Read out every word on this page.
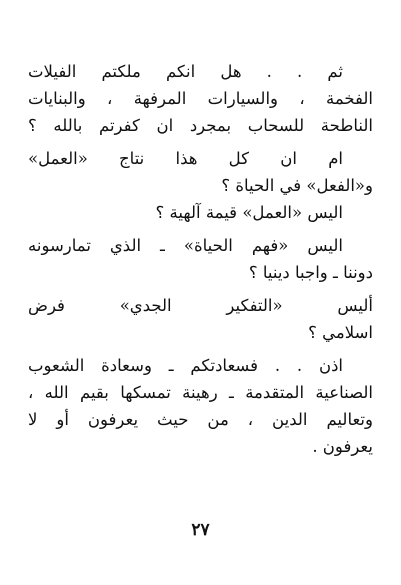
ثم . . هل انكم ملكتم الفيلات
الفخمة ، والسيارات المرفهة ، والبنايات
الناطحة للسحاب بمجرد ان كفرتم بالله ؟
ام ان كل هذا نتاج «العمل»
و«الفعل» في الحياة ؟
اليس «العمل» قيمة آلهية ؟
اليس «فهم الحياة» ـ الذي تمارسونه
دوننا ـ واجبا دينيا ؟
أليس «التفكير الجدي» فرض
اسلامي ؟
اذن . . فسعادتكم ـ وسعادة الشعوب
الصناعية المتقدمة ـ رهينة تمسكها بقيم الله ،
وتعاليم الدين ، من حيث يعرفون أو لا
يعرفون .
٢٧
